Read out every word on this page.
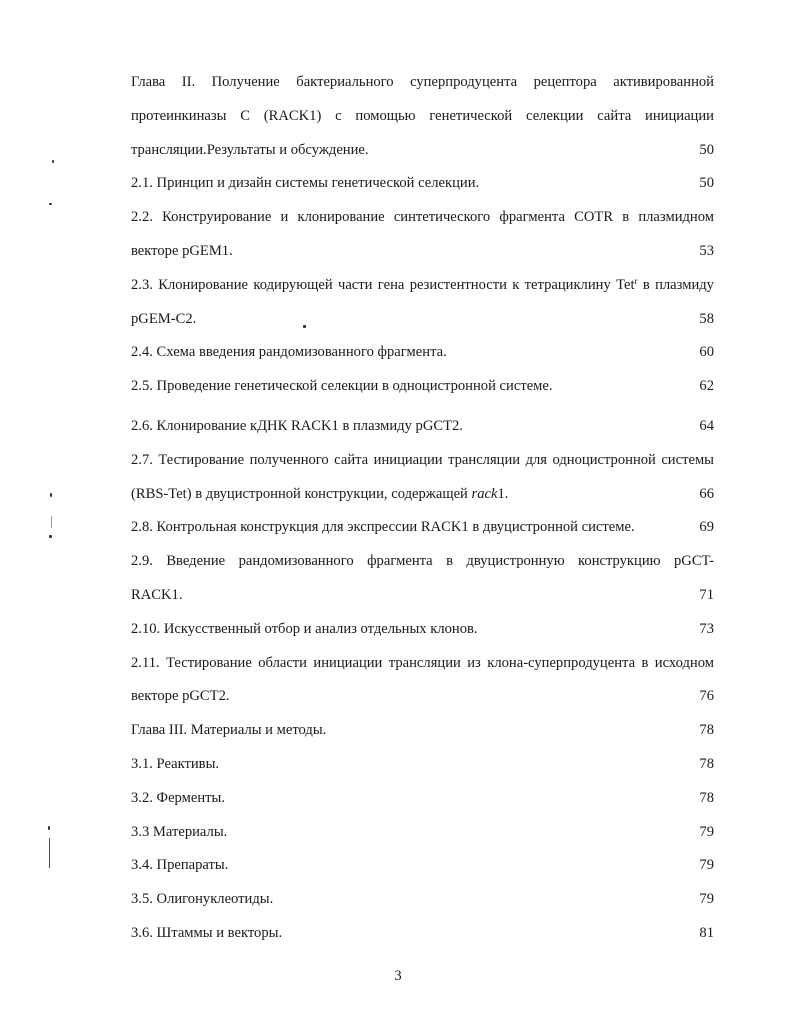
Глава II. Получение бактериального суперпродуцента рецептора активированной
протеинкиназы С (RACK1) с помощью генетической селекции сайта инициации
трансляции.Результаты и обсуждение.	50
2.1. Принцип и дизайн системы генетической селекции.	50
2.2. Конструирование и клонирование синтетического фрагмента COTR в плазмидном
векторе pGEM1.	53
2.3. Клонирование кодирующей части гена резистентности к тетрациклину Tet$^r$ в плазмиду
pGEM-C2.	58
2.4. Схема введения рандомизованного фрагмента.	60
2.5. Проведение генетической селекции в одноцистронной системе.	62
2.6. Клонирование кДНК RACK1 в плазмиду pGCT2.	64
2.7. Тестирование полученного сайта инициации трансляции для одноцистронной системы
(RBS-Tet) в двуцистронной конструкции, содержащей rack1.	66
2.8. Контрольная конструкция для экспрессии RACK1 в двуцистронной системе.	69
2.9. Введение рандомизованного фрагмента в двуцистронную конструкцию pGCT-
RACK1.	71
2.10. Искусственный отбор и анализ отдельных клонов.	73
2.11. Тестирование области инициации трансляции из клона-суперпродуцента в исходном
векторе pGCT2.	76
Глава III. Материалы и методы.	78
3.1. Реактивы.	78
3.2. Ферменты.	78
3.3 Материалы.	79
3.4. Препараты.	79
3.5. Олигонуклеотиды.	79
3.6. Штаммы и векторы.	81
3
